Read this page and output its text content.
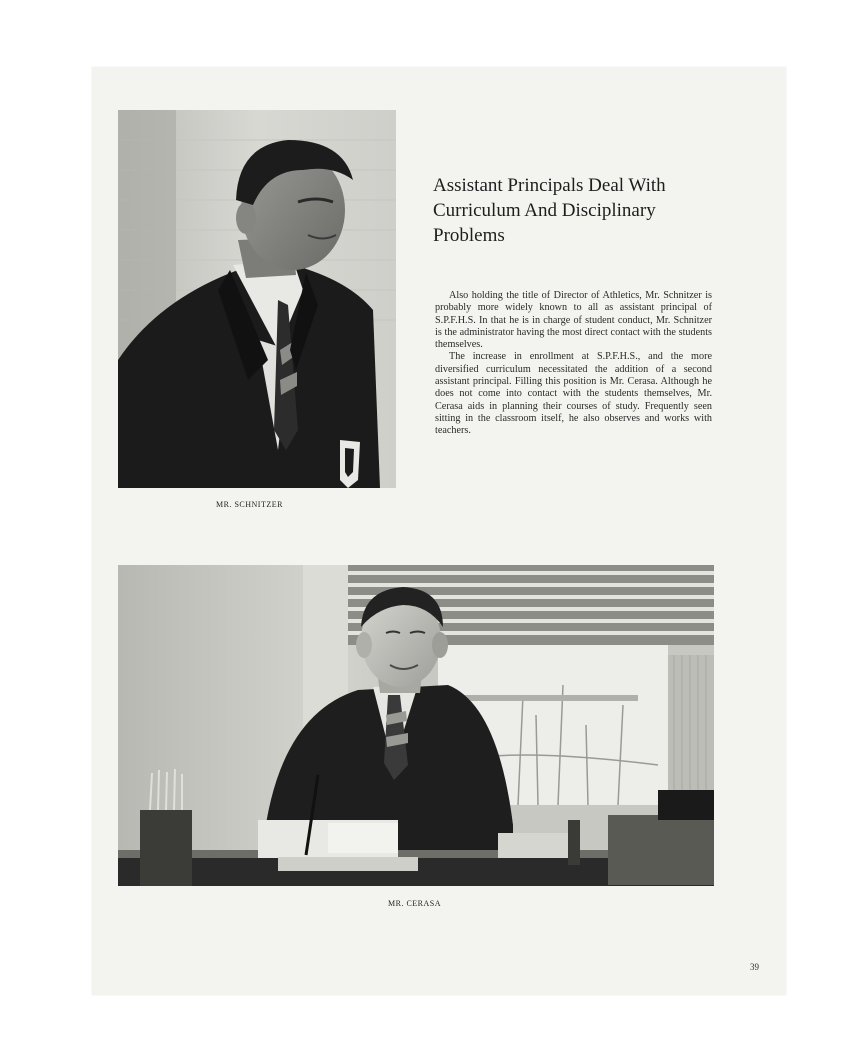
MR. SCHNITZER
Assistant Principals Deal With
Curriculum And Disciplinary
Problems

Also holding the title of Director of Athletics, Mr. Schnitzer is probably more widely known to all as assistant principal of S.P.F.H.S. In that he is in charge of student conduct, Mr. Schnitzer is the administrator having the most direct contact with the students themselves.

The increase in enrollment at S.P.F.H.S., and the more diversified curriculum necessitated the addition of a second assistant principal. Filling this position is Mr. Cerasa. Although he does not come into contact with the students themselves, Mr. Cerasa aids in planning their courses of study. Frequently seen sitting in the classroom itself, he also observes and works with teachers.

MR. CERASA
39
